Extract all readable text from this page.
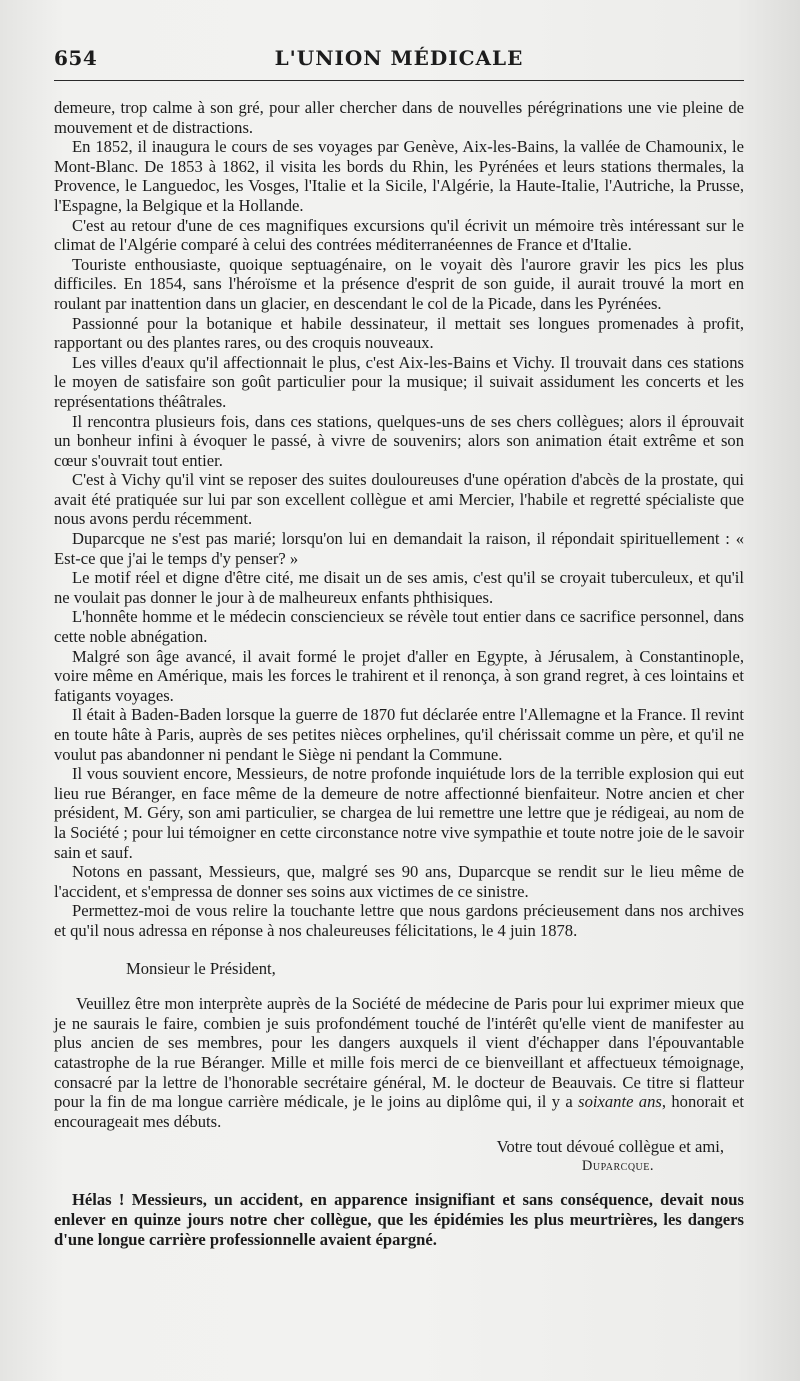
654	L'UNION MÉDICALE

demeure, trop calme à son gré, pour aller chercher dans de nouvelles pérégrinations une vie pleine de mouvement et de distractions.

En 1852, il inaugura le cours de ses voyages par Genève, Aix-les-Bains, la vallée de Chamounix, le Mont-Blanc. De 1853 à 1862, il visita les bords du Rhin, les Pyrénées et leurs stations thermales, la Provence, le Languedoc, les Vosges, l'Italie et la Sicile, l'Algérie, la Haute-Italie, l'Autriche, la Prusse, l'Espagne, la Belgique et la Hollande.

C'est au retour d'une de ces magnifiques excursions qu'il écrivit un mémoire très intéressant sur le climat de l'Algérie comparé à celui des contrées méditerranéennes de France et d'Italie.

Touriste enthousiaste, quoique septuagénaire, on le voyait dès l'aurore gravir les pics les plus difficiles. En 1854, sans l'héroïsme et la présence d'esprit de son guide, il aurait trouvé la mort en roulant par inattention dans un glacier, en descendant le col de la Picade, dans les Pyrénées.

Passionné pour la botanique et habile dessinateur, il mettait ses longues promenades à profit, rapportant ou des plantes rares, ou des croquis nouveaux.

Les villes d'eaux qu'il affectionnait le plus, c'est Aix-les-Bains et Vichy. Il trouvait dans ces stations le moyen de satisfaire son goût particulier pour la musique; il suivait assidument les concerts et les représentations théâtrales.

Il rencontra plusieurs fois, dans ces stations, quelques-uns de ses chers collègues; alors il éprouvait un bonheur infini à évoquer le passé, à vivre de souvenirs; alors son animation était extrême et son cœur s'ouvrait tout entier.

C'est à Vichy qu'il vint se reposer des suites douloureuses d'une opération d'abcès de la prostate, qui avait été pratiquée sur lui par son excellent collègue et ami Mercier, l'habile et regretté spécialiste que nous avons perdu récemment.

Duparcque ne s'est pas marié; lorsqu'on lui en demandait la raison, il répondait spirituellement : « Est-ce que j'ai le temps d'y penser? »

Le motif réel et digne d'être cité, me disait un de ses amis, c'est qu'il se croyait tuberculeux, et qu'il ne voulait pas donner le jour à de malheureux enfants phthisiques.

L'honnête homme et le médecin consciencieux se révèle tout entier dans ce sacrifice personnel, dans cette noble abnégation.

Malgré son âge avancé, il avait formé le projet d'aller en Egypte, à Jérusalem, à Constantinople, voire même en Amérique, mais les forces le trahirent et il renonça, à son grand regret, à ces lointains et fatigants voyages.

Il était à Baden-Baden lorsque la guerre de 1870 fut déclarée entre l'Allemagne et la France. Il revint en toute hâte à Paris, auprès de ses petites nièces orphelines, qu'il chérissait comme un père, et qu'il ne voulut pas abandonner ni pendant le Siège ni pendant la Commune.

Il vous souvient encore, Messieurs, de notre profonde inquiétude lors de la terrible explosion qui eut lieu rue Béranger, en face même de la demeure de notre affectionné bienfaiteur. Notre ancien et cher président, M. Géry, son ami particulier, se chargea de lui remettre une lettre que je rédigeai, au nom de la Société ; pour lui témoigner en cette circonstance notre vive sympathie et toute notre joie de le savoir sain et sauf.

Notons en passant, Messieurs, que, malgré ses 90 ans, Duparcque se rendit sur le lieu même de l'accident, et s'empressa de donner ses soins aux victimes de ce sinistre.

Permettez-moi de vous relire la touchante lettre que nous gardons précieusement dans nos archives et qu'il nous adressa en réponse à nos chaleureuses félicitations, le 4 juin 1878.

Monsieur le Président,

Veuillez être mon interprète auprès de la Société de médecine de Paris pour lui exprimer mieux que je ne saurais le faire, combien je suis profondément touché de l'intérêt qu'elle vient de manifester au plus ancien de ses membres, pour les dangers auxquels il vient d'échapper dans l'épouvantable catastrophe de la rue Béranger. Mille et mille fois merci de ce bienveillant et affectueux témoignage, consacré par la lettre de l'honorable secrétaire général, M. le docteur de Beauvais. Ce titre si flatteur pour la fin de ma longue carrière médicale, je le joins au diplôme qui, il y a soixante ans, honorait et encourageait mes débuts.

Votre tout dévoué collègue et ami,

Duparcque.

Hélas ! Messieurs, un accident, en apparence insignifiant et sans conséquence, devait nous enlever en quinze jours notre cher collègue, que les épidémies les plus meurtrières, les dangers d'une longue carrière professionnelle avaient épargné.
